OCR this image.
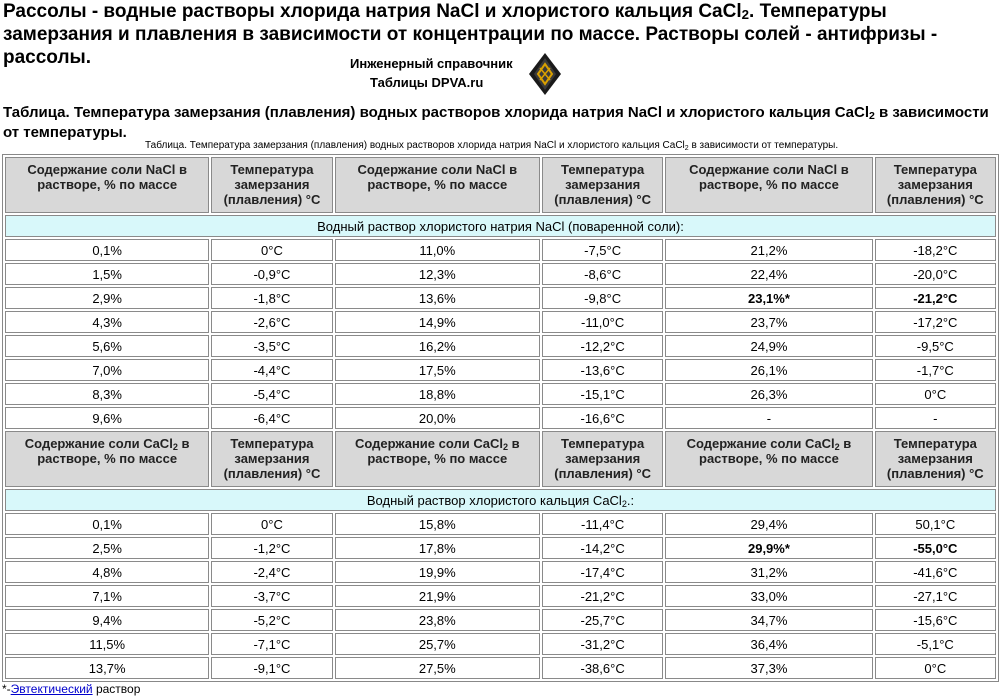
Рассолы - водные растворы хлорида натрия NaCl и хлористого кальция CaCl$_2$. Температуры замерзания и плавления в зависимости от концентрации по массе. Растворы солей - антифризы - рассолы.	Инженерный справочник
Таблицы DPVA.ru
Таблица. Температура замерзания (плавления) водных растворов хлорида натрия NaCl и хлористого кальция CaCl$_2$ в зависимости от температуры.
Таблица. Температура замерзания (плавления) водных растворов хлорида натрия NaCl и хлористого кальция CaCl$_2$ в зависимости от температуры.
Содержание соли NaCl в растворе, % по массе	Температура замерзания (плавления) °С	Содержание соли NaCl в растворе, % по массе	Температура замерзания (плавления) °С	Содержание соли NaCl в растворе, % по массе	Температура замерзания (плавления) °С
Водный раствор хлористого натрия NaCl (поваренной соли):					
0,1%	0°С	11,0%	-7,5°С	21,2%	-18,2°С
1,5%	-0,9°С	12,3%	-8,6°С	22,4%	-20,0°С
2,9%	-1,8°С	13,6%	-9,8°С	23,1%*	-21,2°С
4,3%	-2,6°С	14,9%	-11,0°С	23,7%	-17,2°С
5,6%	-3,5°С	16,2%	-12,2°С	24,9%	-9,5°С
7,0%	-4,4°С	17,5%	-13,6°С	26,1%	-1,7°С
8,3%	-5,4°С	18,8%	-15,1°С	26,3%	0°С
9,6%	-6,4°С	20,0%	-16,6°С	-	-
Содержание соли CaCl$_2$ в растворе, % по массе	Температура замерзания (плавления) °С	Содержание соли CaCl$_2$ в растворе, % по массе	Температура замерзания (плавления) °С	Содержание соли CaCl$_2$ в растворе, % по массе	Температура замерзания (плавления) °С
Водный раствор хлористого кальция CaCl$_2$.:					
0,1%	0°С	15,8%	-11,4°С	29,4%	50,1°С
2,5%	-1,2°С	17,8%	-14,2°С	29,9%*	-55,0°С
4,8%	-2,4°С	19,9%	-17,4°С	31,2%	-41,6°С
7,1%	-3,7°С	21,9%	-21,2°С	33,0%	-27,1°С
9,4%	-5,2°С	23,8%	-25,7°С	34,7%	-15,6°С
11,5%	-7,1°С	25,7%	-31,2°С	36,4%	-5,1°С
13,7%	-9,1°С	27,5%	-38,6°С	37,3%	0°С
*-Эвтектический раствор
